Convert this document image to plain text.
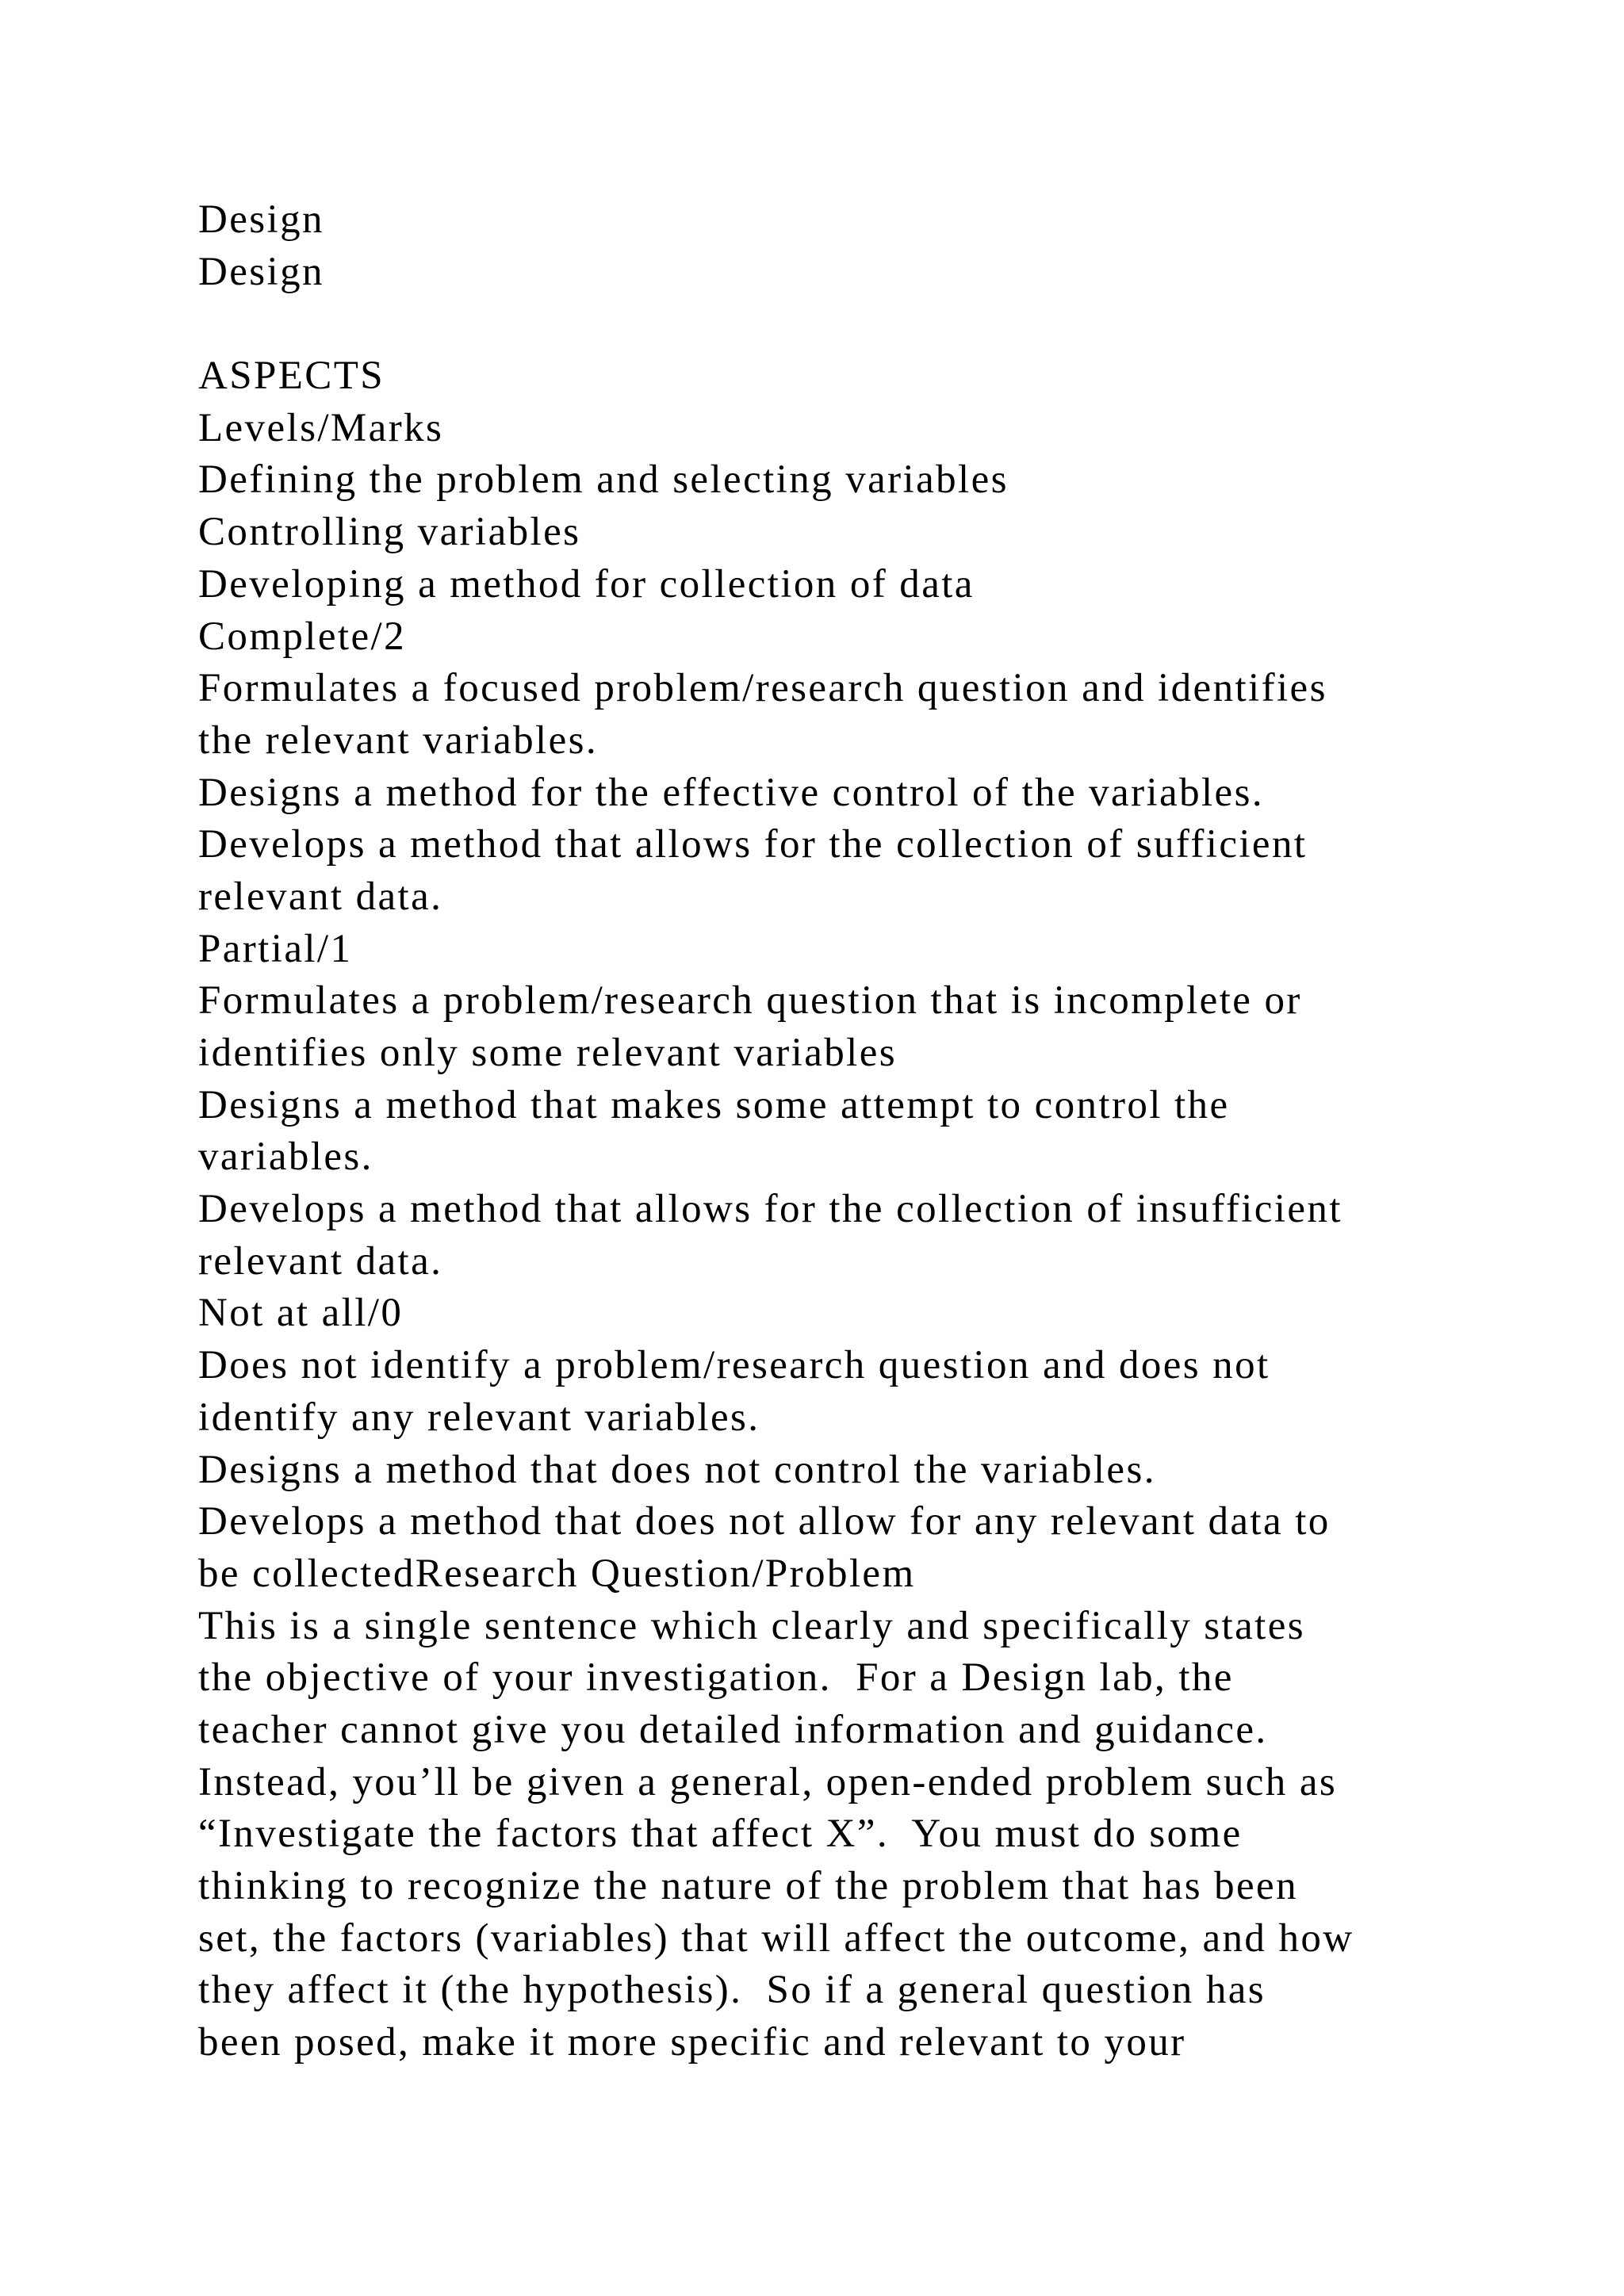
Design
Design
ASPECTS
Levels/Marks
Defining the problem and selecting variables
Controlling variables
Developing a method for collection of data
Complete/2
Formulates a focused problem/research question and identifies
the relevant variables.
Designs a method for the effective control of the variables.
Develops a method that allows for the collection of sufficient
relevant data.
Partial/1
Formulates a problem/research question that is incomplete or
identifies only some relevant variables
Designs a method that makes some attempt to control the
variables.
Develops a method that allows for the collection of insufficient
relevant data.
Not at all/0
Does not identify a problem/research question and does not
identify any relevant variables.
Designs a method that does not control the variables.
Develops a method that does not allow for any relevant data to
be collectedResearch Question/Problem
This is a single sentence which clearly and specifically states
the objective of your investigation.  For a Design lab, the
teacher cannot give you detailed information and guidance.
Instead, you’ll be given a general, open-ended problem such as
“Investigate the factors that affect X”.  You must do some
thinking to recognize the nature of the problem that has been
set, the factors (variables) that will affect the outcome, and how
they affect it (the hypothesis).  So if a general question has
been posed, make it more specific and relevant to your
